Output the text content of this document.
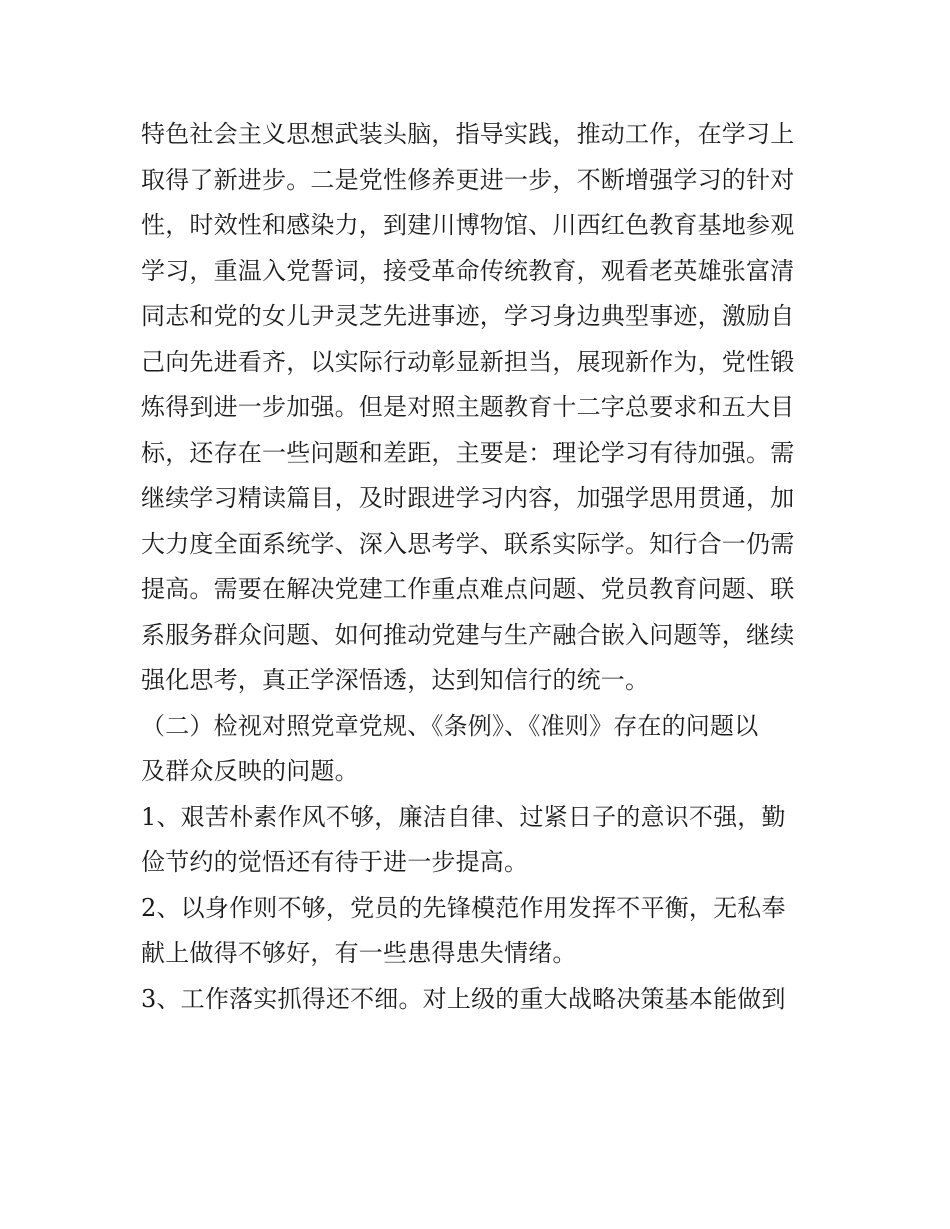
特色社会主义思想武装头脑，指导实践，推动工作，在学习上
取得了新进步。二是党性修养更进一步，不断增强学习的针对
性，时效性和感染力，到建川博物馆、川西红色教育基地参观
学习，重温入党誓词，接受革命传统教育，观看老英雄张富清
同志和党的女儿尹灵芝先进事迹，学习身边典型事迹，激励自
己向先进看齐，以实际行动彰显新担当，展现新作为，党性锻
炼得到进一步加强。但是对照主题教育十二字总要求和五大目
标，还存在一些问题和差距，主要是：理论学习有待加强。需
继续学习精读篇目，及时跟进学习内容，加强学思用贯通，加
大力度全面系统学、深入思考学、联系实际学。知行合一仍需
提高。需要在解决党建工作重点难点问题、党员教育问题、联
系服务群众问题、如何推动党建与生产融合嵌入问题等，继续
强化思考，真正学深悟透，达到知信行的统一。
（二）检视对照党章党规、《条例》、《准则》存在的问题以
及群众反映的问题。
1、艰苦朴素作风不够，廉洁自律、过紧日子的意识不强，勤
俭节约的觉悟还有待于进一步提高。
2、以身作则不够，党员的先锋模范作用发挥不平衡，无私奉
献上做得不够好，有一些患得患失情绪。
3、工作落实抓得还不细。对上级的重大战略决策基本能做到
